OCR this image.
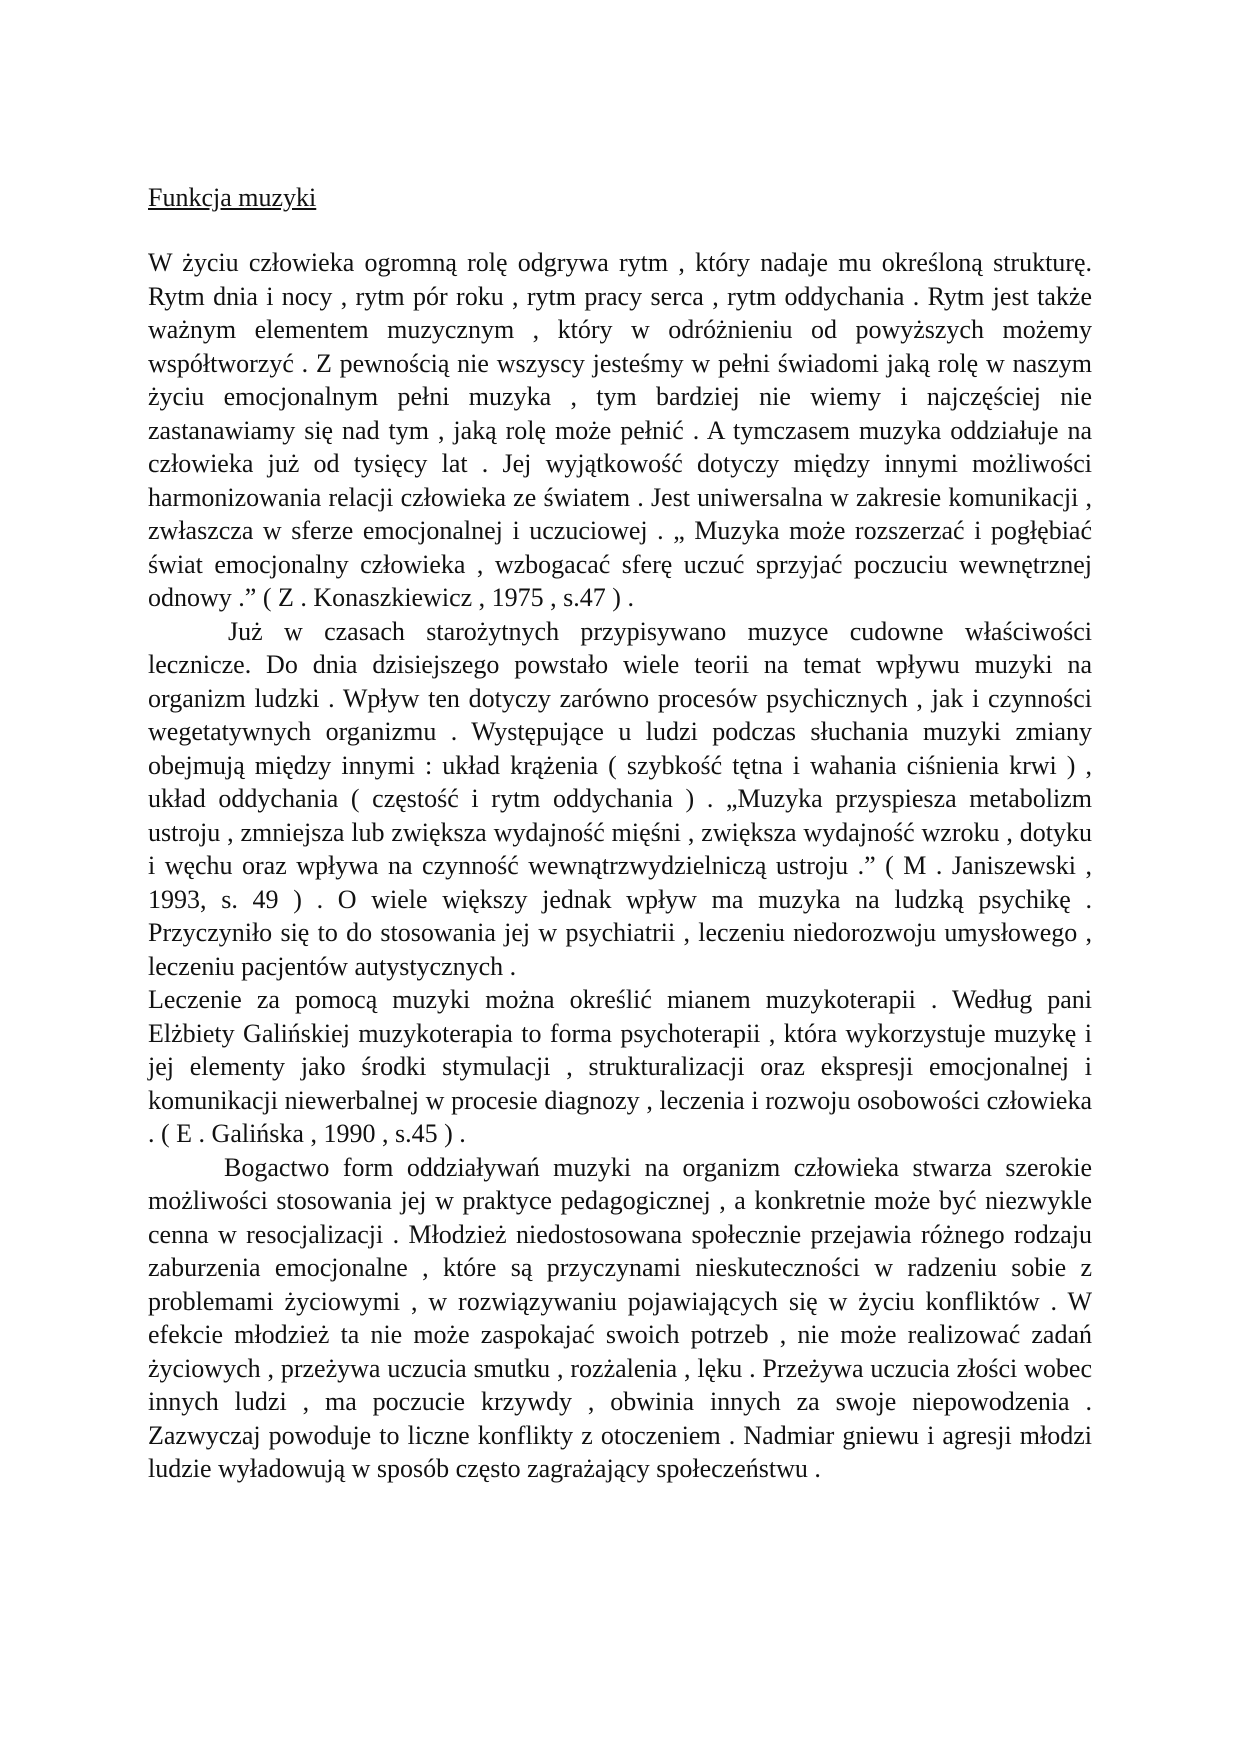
Funkcja muzyki

W życiu człowieka ogromną rolę odgrywa rytm , który nadaje mu określoną strukturę. Rytm dnia i nocy , rytm pór roku , rytm pracy serca , rytm oddychania . Rytm jest także ważnym elementem muzycznym , który w odróżnieniu od powyższych możemy współtworzyć . Z pewnością nie wszyscy jesteśmy w pełni świadomi jaką rolę w naszym życiu emocjonalnym pełni muzyka , tym bardziej nie wiemy i najczęściej nie zastanawiamy się nad tym , jaką rolę może pełnić . A tymczasem muzyka oddziałuje na człowieka już od tysięcy lat . Jej wyjątkowość dotyczy między innymi możliwości harmonizowania relacji człowieka ze światem . Jest uniwersalna w zakresie komunikacji , zwłaszcza w sferze emocjonalnej i uczuciowej . „ Muzyka może rozszerzać i pogłębiać świat emocjonalny człowieka , wzbogacać sferę uczuć sprzyjać poczuciu wewnętrznej odnowy .” ( Z . Konaszkiewicz , 1975 , s.47 ) .

Już w czasach starożytnych przypisywano muzyce cudowne właściwości lecznicze. Do dnia dzisiejszego powstało wiele teorii na temat wpływu muzyki na organizm ludzki . Wpływ ten dotyczy zarówno procesów psychicznych , jak i czynności wegetatywnych organizmu . Występujące u ludzi podczas słuchania muzyki zmiany obejmują między innymi : układ krążenia ( szybkość tętna i wahania ciśnienia krwi ) , układ oddychania ( częstość i rytm oddychania ) . „Muzyka przyspiesza metabolizm ustroju , zmniejsza lub zwiększa wydajność mięśni , zwiększa wydajność wzroku , dotyku i węchu oraz wpływa na czynność wewnątrzwydzielniczą ustroju .” ( M . Janiszewski , 1993, s. 49 ) . O wiele większy jednak wpływ ma muzyka na ludzką psychikę . Przyczyniło się to do stosowania jej w psychiatrii , leczeniu niedorozwoju umysłowego , leczeniu pacjentów autystycznych .

Leczenie za pomocą muzyki można określić mianem muzykoterapii . Według pani Elżbiety Galińskiej muzykoterapia to forma psychoterapii , która wykorzystuje muzykę i jej elementy jako środki stymulacji , strukturalizacji oraz ekspresji emocjonalnej i komunikacji niewerbalnej w procesie diagnozy , leczenia i rozwoju osobowości człowieka . ( E . Galińska , 1990 , s.45 ) .

Bogactwo form oddziaływań muzyki na organizm człowieka stwarza szerokie możliwości stosowania jej w praktyce pedagogicznej , a konkretnie może być niezwykle cenna w resocjalizacji . Młodzież niedostosowana społecznie przejawia różnego rodzaju zaburzenia emocjonalne , które są przyczynami nieskuteczności w radzeniu sobie z problemami życiowymi , w rozwiązywaniu pojawiających się w życiu konfliktów . W efekcie młodzież ta nie może zaspokajać swoich potrzeb , nie może realizować zadań życiowych , przeżywa uczucia smutku , rozżalenia , lęku . Przeżywa uczucia złości wobec innych ludzi , ma poczucie krzywdy , obwinia innych za swoje niepowodzenia . Zazwyczaj powoduje to liczne konflikty z otoczeniem . Nadmiar gniewu i agresji młodzi ludzie wyładowują w sposób często zagrażający społeczeństwu .
